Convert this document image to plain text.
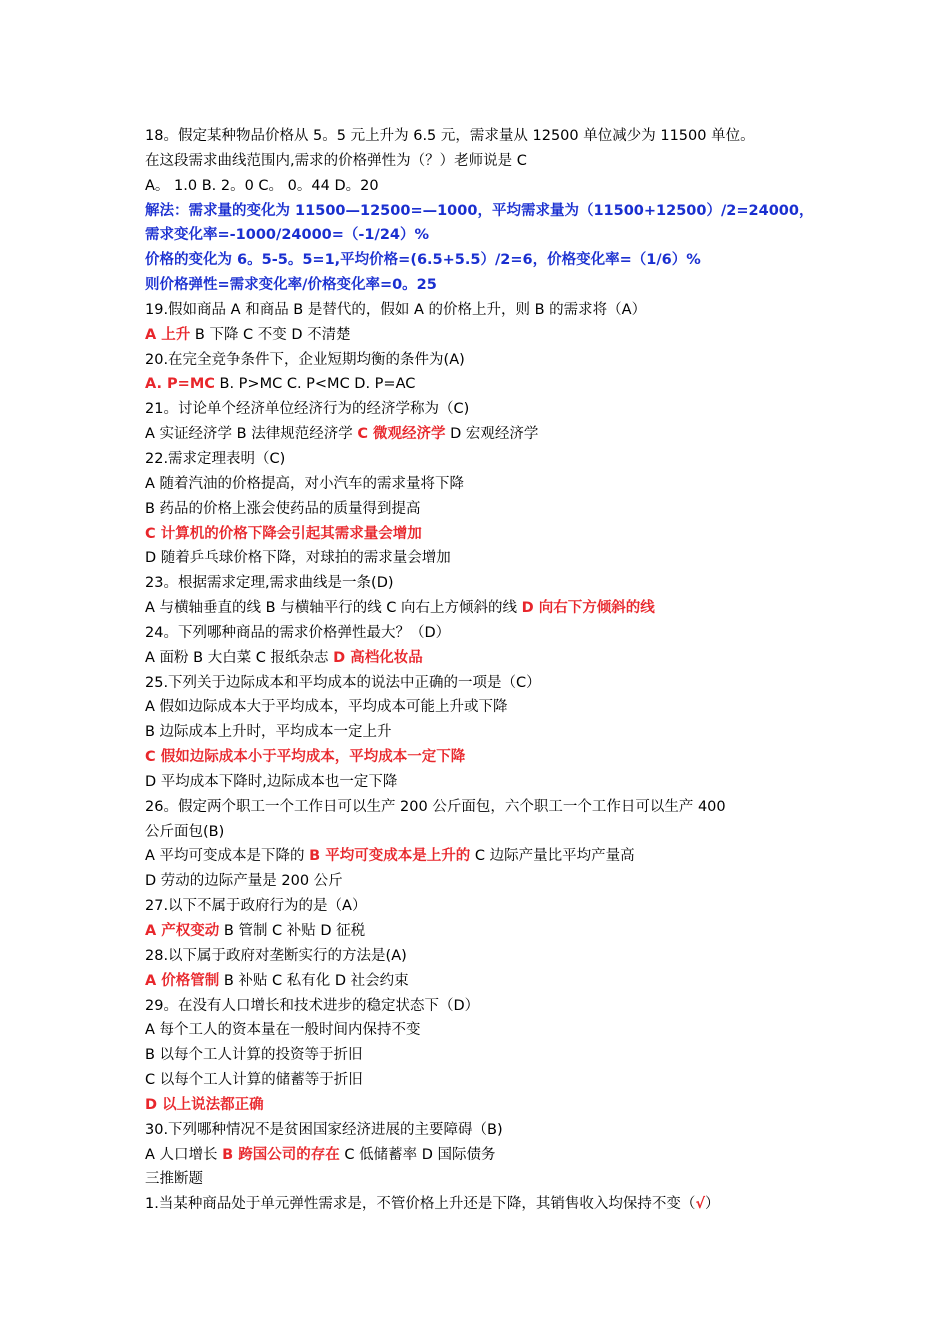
18。假定某种物品价格从 5。5 元上升为 6.5 元，需求量从 12500 单位减少为 11500 单位。
在这段需求曲线范围内,需求的价格弹性为（？）老师说是 C
A。 1.0 B. 2。0 C。 0。44 D。20
解法：需求量的变化为 11500—12500=—1000，平均需求量为（11500+12500）/2=24000，
需求变化率=-1000/24000=（-1/24）%
价格的变化为 6。5-5。5=1,平均价格=(6.5+5.5）/2=6，价格变化率=（1/6）%
则价格弹性=需求变化率/价格变化率=0。25
19.假如商品 A 和商品 B 是替代的，假如 A 的价格上升，则 B 的需求将（A）
A 上升 B 下降 C 不变 D 不清楚
20.在完全竞争条件下，企业短期均衡的条件为(A)
A. P=MC B. P>MC C. P<MC D. P=AC
21。讨论单个经济单位经济行为的经济学称为（C)
A 实证经济学 B 法律规范经济学 C 微观经济学 D 宏观经济学
22.需求定理表明（C)
A 随着汽油的价格提高，对小汽车的需求量将下降
B 药品的价格上涨会使药品的质量得到提高
C 计算机的价格下降会引起其需求量会增加
D 随着乒乓球价格下降，对球拍的需求量会增加
23。根据需求定理,需求曲线是一条(D)
A 与横轴垂直的线 B 与横轴平行的线 C 向右上方倾斜的线 D 向右下方倾斜的线
24。下列哪种商品的需求价格弹性最大？（D）
A 面粉 B 大白菜 C 报纸杂志 D 高档化妆品
25.下列关于边际成本和平均成本的说法中正确的一项是（C）
A 假如边际成本大于平均成本，平均成本可能上升或下降
B 边际成本上升时，平均成本一定上升
C 假如边际成本小于平均成本，平均成本一定下降
D 平均成本下降时,边际成本也一定下降
26。假定两个职工一个工作日可以生产 200 公斤面包，六个职工一个工作日可以生产 400
公斤面包(B)
A 平均可变成本是下降的 B 平均可变成本是上升的 C 边际产量比平均产量高
D 劳动的边际产量是 200 公斤
27.以下不属于政府行为的是（A）
A 产权变动 B 管制 C 补贴 D 征税
28.以下属于政府对垄断实行的方法是(A)
A 价格管制 B 补贴 C 私有化 D 社会约束
29。在没有人口增长和技术进步的稳定状态下（D）
A 每个工人的资本量在一般时间内保持不变
B 以每个工人计算的投资等于折旧
C 以每个工人计算的储蓄等于折旧
D 以上说法都正确
30.下列哪种情况不是贫困国家经济进展的主要障碍（B)
A 人口增长 B 跨国公司的存在 C 低储蓄率 D 国际债务
三推断题
1.当某种商品处于单元弹性需求是，不管价格上升还是下降，其销售收入均保持不变（√）
